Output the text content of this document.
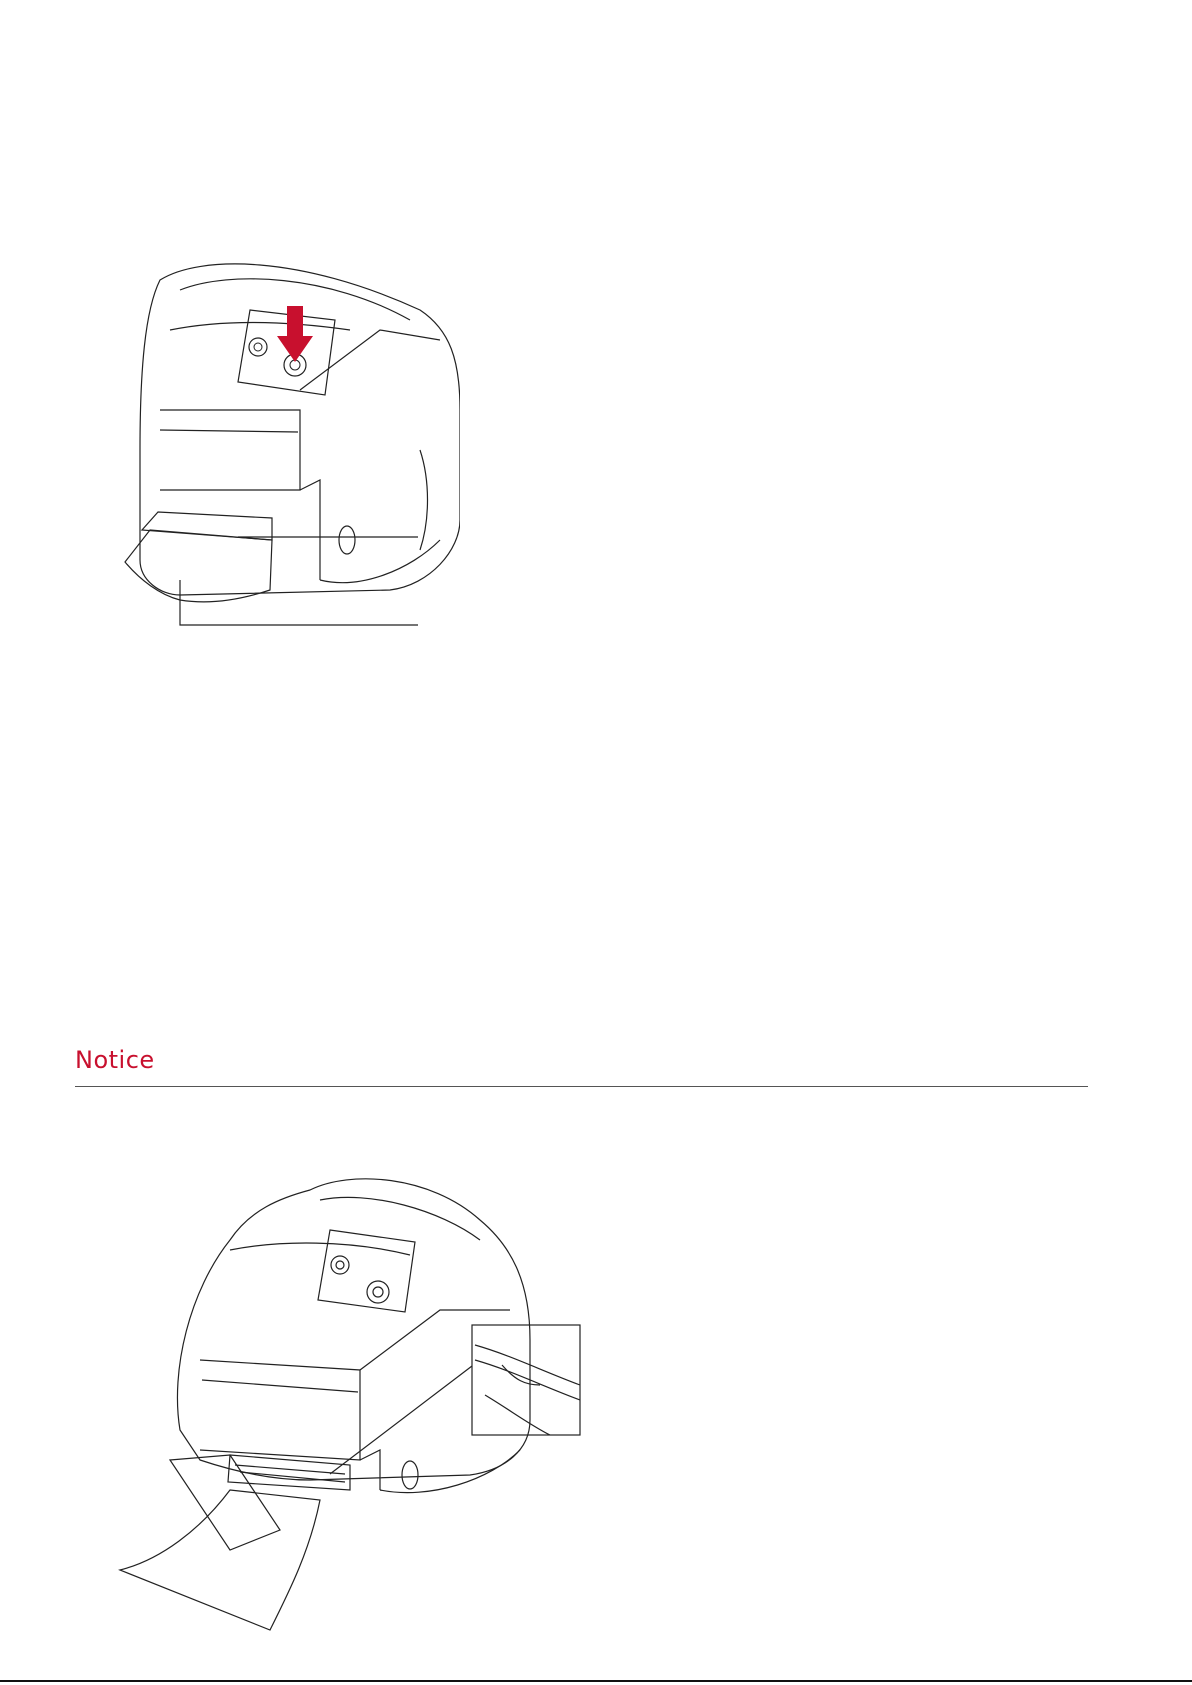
Notice
